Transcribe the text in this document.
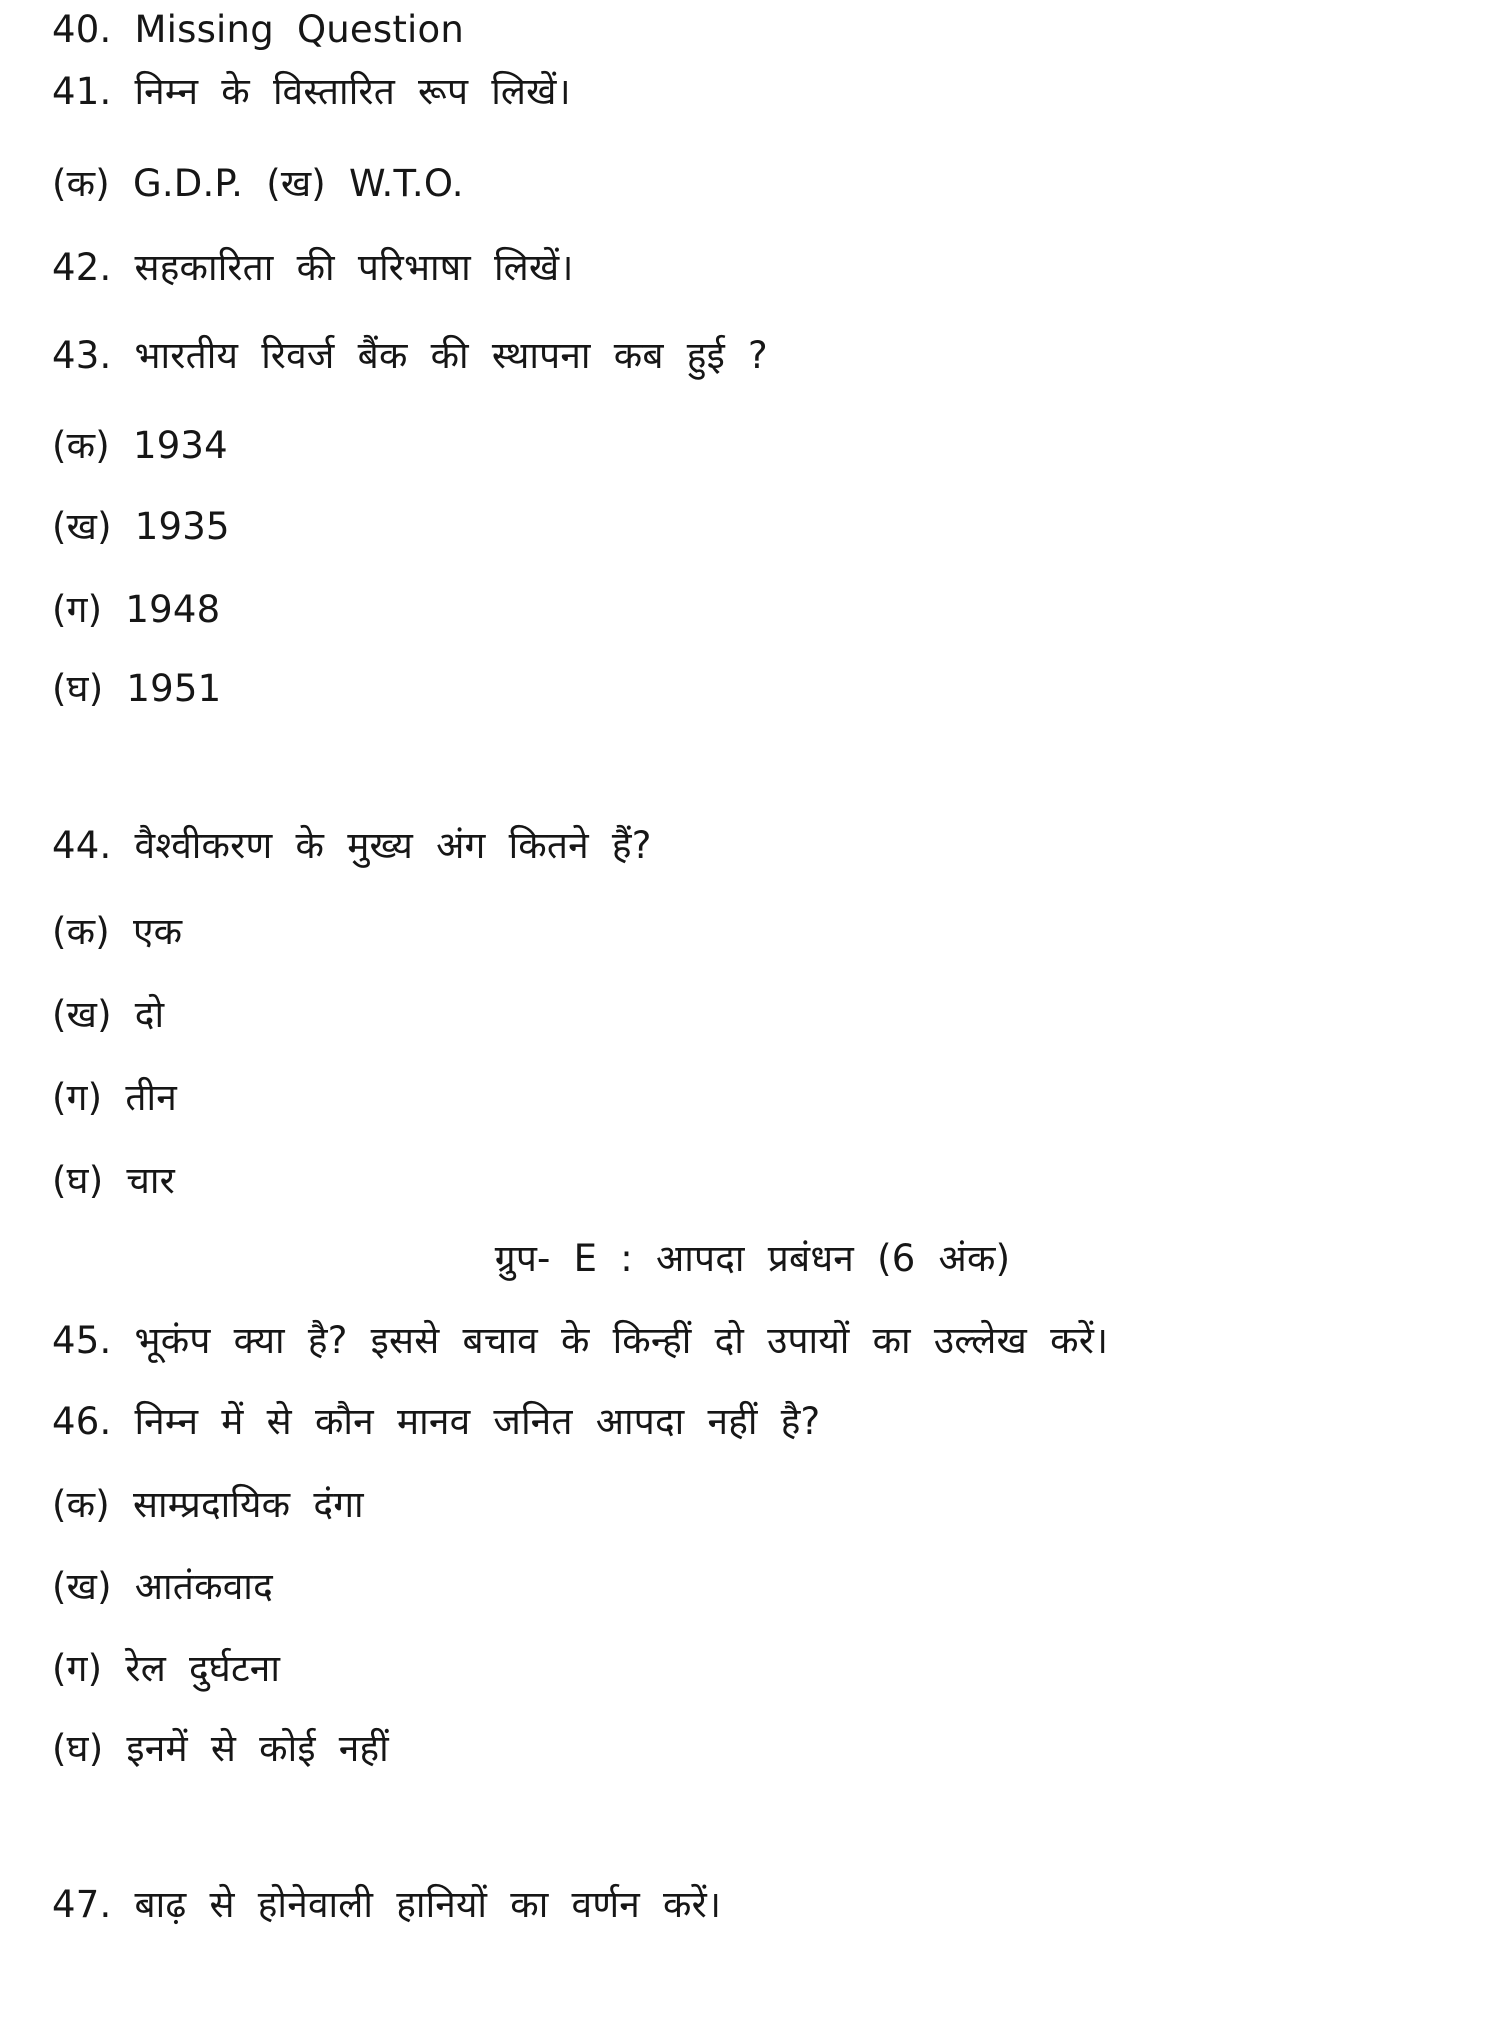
40. Missing Question

41. निम्न के विस्तारित रूप लिखें।

(क) G.D.P. (ख) W.T.O.

42. सहकारिता की परिभाषा लिखें।

43. भारतीय रिवर्ज बैंक की स्थापना कब हुई ?

(क) 1934

(ख) 1935

(ग) 1948

(घ) 1951

44. वैश्वीकरण के मुख्य अंग कितने हैं?

(क) एक

(ख) दो

(ग) तीन

(घ) चार

ग्रुप- E : आपदा प्रबंधन (6 अंक)

45. भूकंप क्या है? इससे बचाव के किन्हीं दो उपायों का उल्लेख करें।

46. निम्न में से कौन मानव जनित आपदा नहीं है?

(क) साम्प्रदायिक दंगा

(ख) आतंकवाद

(ग) रेल दुर्घटना

(घ) इनमें से कोई नहीं

47. बाढ़ से होनेवाली हानियों का वर्णन करें।
